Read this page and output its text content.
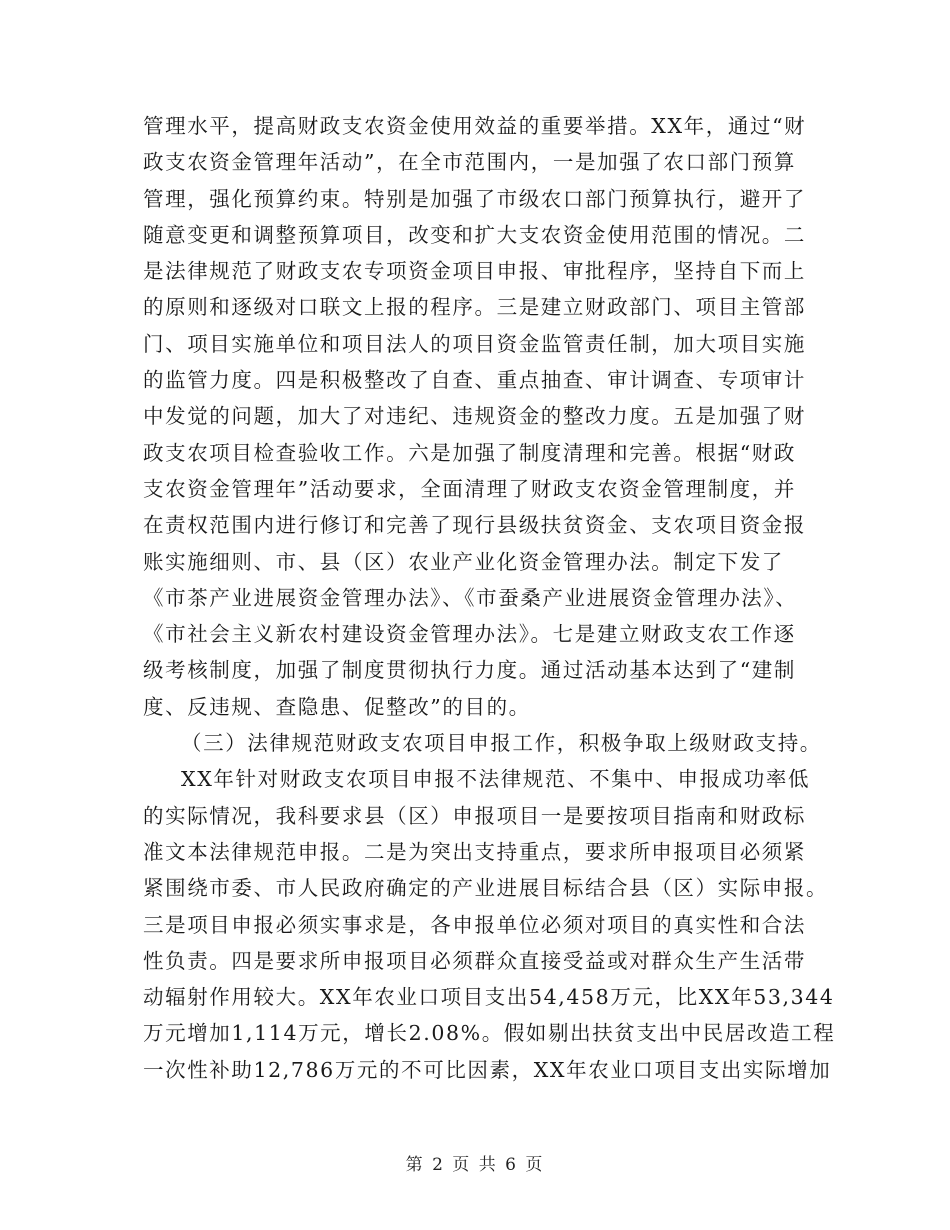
管理水平，提高财政支农资金使用效益的重要举措。XX年，通过“财
政支农资金管理年活动”，在全市范围内，一是加强了农口部门预算
管理，强化预算约束。特别是加强了市级农口部门预算执行，避开了
随意变更和调整预算项目，改变和扩大支农资金使用范围的情况。二
是法律规范了财政支农专项资金项目申报、审批程序，坚持自下而上
的原则和逐级对口联文上报的程序。三是建立财政部门、项目主管部
门、项目实施单位和项目法人的项目资金监管责任制，加大项目实施
的监管力度。四是积极整改了自查、重点抽查、审计调查、专项审计
中发觉的问题，加大了对违纪、违规资金的整改力度。五是加强了财
政支农项目检查验收工作。六是加强了制度清理和完善。根据“财政
支农资金管理年”活动要求，全面清理了财政支农资金管理制度，并
在责权范围内进行修订和完善了现行县级扶贫资金、支农项目资金报
账实施细则、市、县（区）农业产业化资金管理办法。制定下发了
《市茶产业进展资金管理办法》、《市蚕桑产业进展资金管理办法》、
《市社会主义新农村建设资金管理办法》。七是建立财政支农工作逐
级考核制度，加强了制度贯彻执行力度。通过活动基本达到了“建制
度、反违规、查隐患、促整改”的目的。
（三）法律规范财政支农项目申报工作，积极争取上级财政支持。
XX年针对财政支农项目申报不法律规范、不集中、申报成功率低
的实际情况，我科要求县（区）申报项目一是要按项目指南和财政标
准文本法律规范申报。二是为突出支持重点，要求所申报项目必须紧
紧围绕市委、市人民政府确定的产业进展目标结合县（区）实际申报。
三是项目申报必须实事求是，各申报单位必须对项目的真实性和合法
性负责。四是要求所申报项目必须群众直接受益或对群众生产生活带
动辐射作用较大。XX年农业口项目支出54,458万元，比XX年53,344
万元增加1,114万元，增长2.08%。假如剔出扶贫支出中民居改造工程
一次性补助12,786万元的不可比因素，XX年农业口项目支出实际增加
第 2 页 共 6 页
